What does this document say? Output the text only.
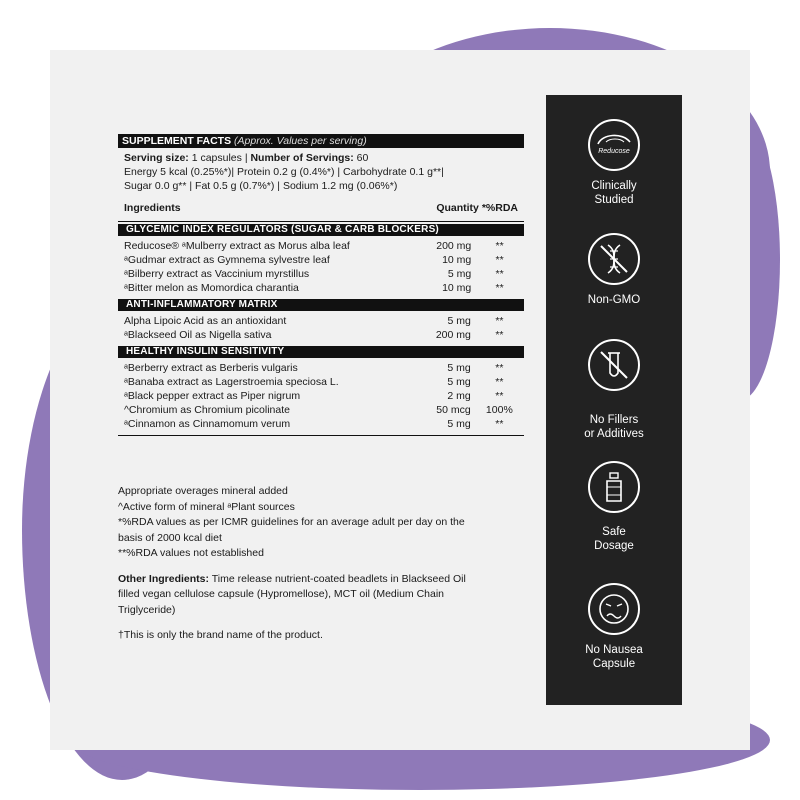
SUPPLEMENT FACTS (Approx. Values per serving)
Serving size: 1 capsules | Number of Servings: 60
Energy 5 kcal (0.25%*)| Protein 0.2 g (0.4%*) | Carbohydrate 0.1 g**|
Sugar 0.0 g** | Fat 0.5 g (0.7%*) | Sodium 1.2 mg (0.06%*)
Ingredients	Quantity *%RDA
GLYCEMIC INDEX REGULATORS (SUGAR & CARB BLOCKERS)
Reducose® ᵃMulberry extract as Morus alba leaf	200 mg	**
ᵃGudmar extract as Gymnema sylvestre leaf	10 mg	**
ᵃBilberry extract as Vaccinium myrstillus	5 mg	**
ᵃBitter melon as Momordica charantia	10 mg	**
ANTI-INFLAMMATORY MATRIX
Alpha Lipoic Acid as an antioxidant	5 mg	**
ᵃBlackseed Oil as Nigella sativa	200 mg	**
HEALTHY INSULIN SENSITIVITY
ᵃBerberry extract as Berberis vulgaris	5 mg	**
ᵃBanaba extract as Lagerstroemia speciosa L.	5 mg	**
ᵃBlack pepper extract as Piper nigrum	2 mg	**
^Chromium as Chromium picolinate	50 mcg	100%
ᵃCinnamon as Cinnamomum verum	5 mg	**

Appropriate overages mineral added

^Active form of mineral ᵃPlant sources

*%RDA values as per ICMR guidelines for an average adult per day on the

basis of 2000 kcal diet

**%RDA values not established

Other Ingredients: Time release nutrient-coated beadlets in Blackseed Oil

filled vegan cellulose capsule (Hypromellose), MCT oil (Medium Chain

Triglyceride)

†This is only the brand name of the product.

Reducose
Clinically
Studied
Non-GMO
No Fillers
or Additives
Safe
Dosage
No Nausea
Capsule
